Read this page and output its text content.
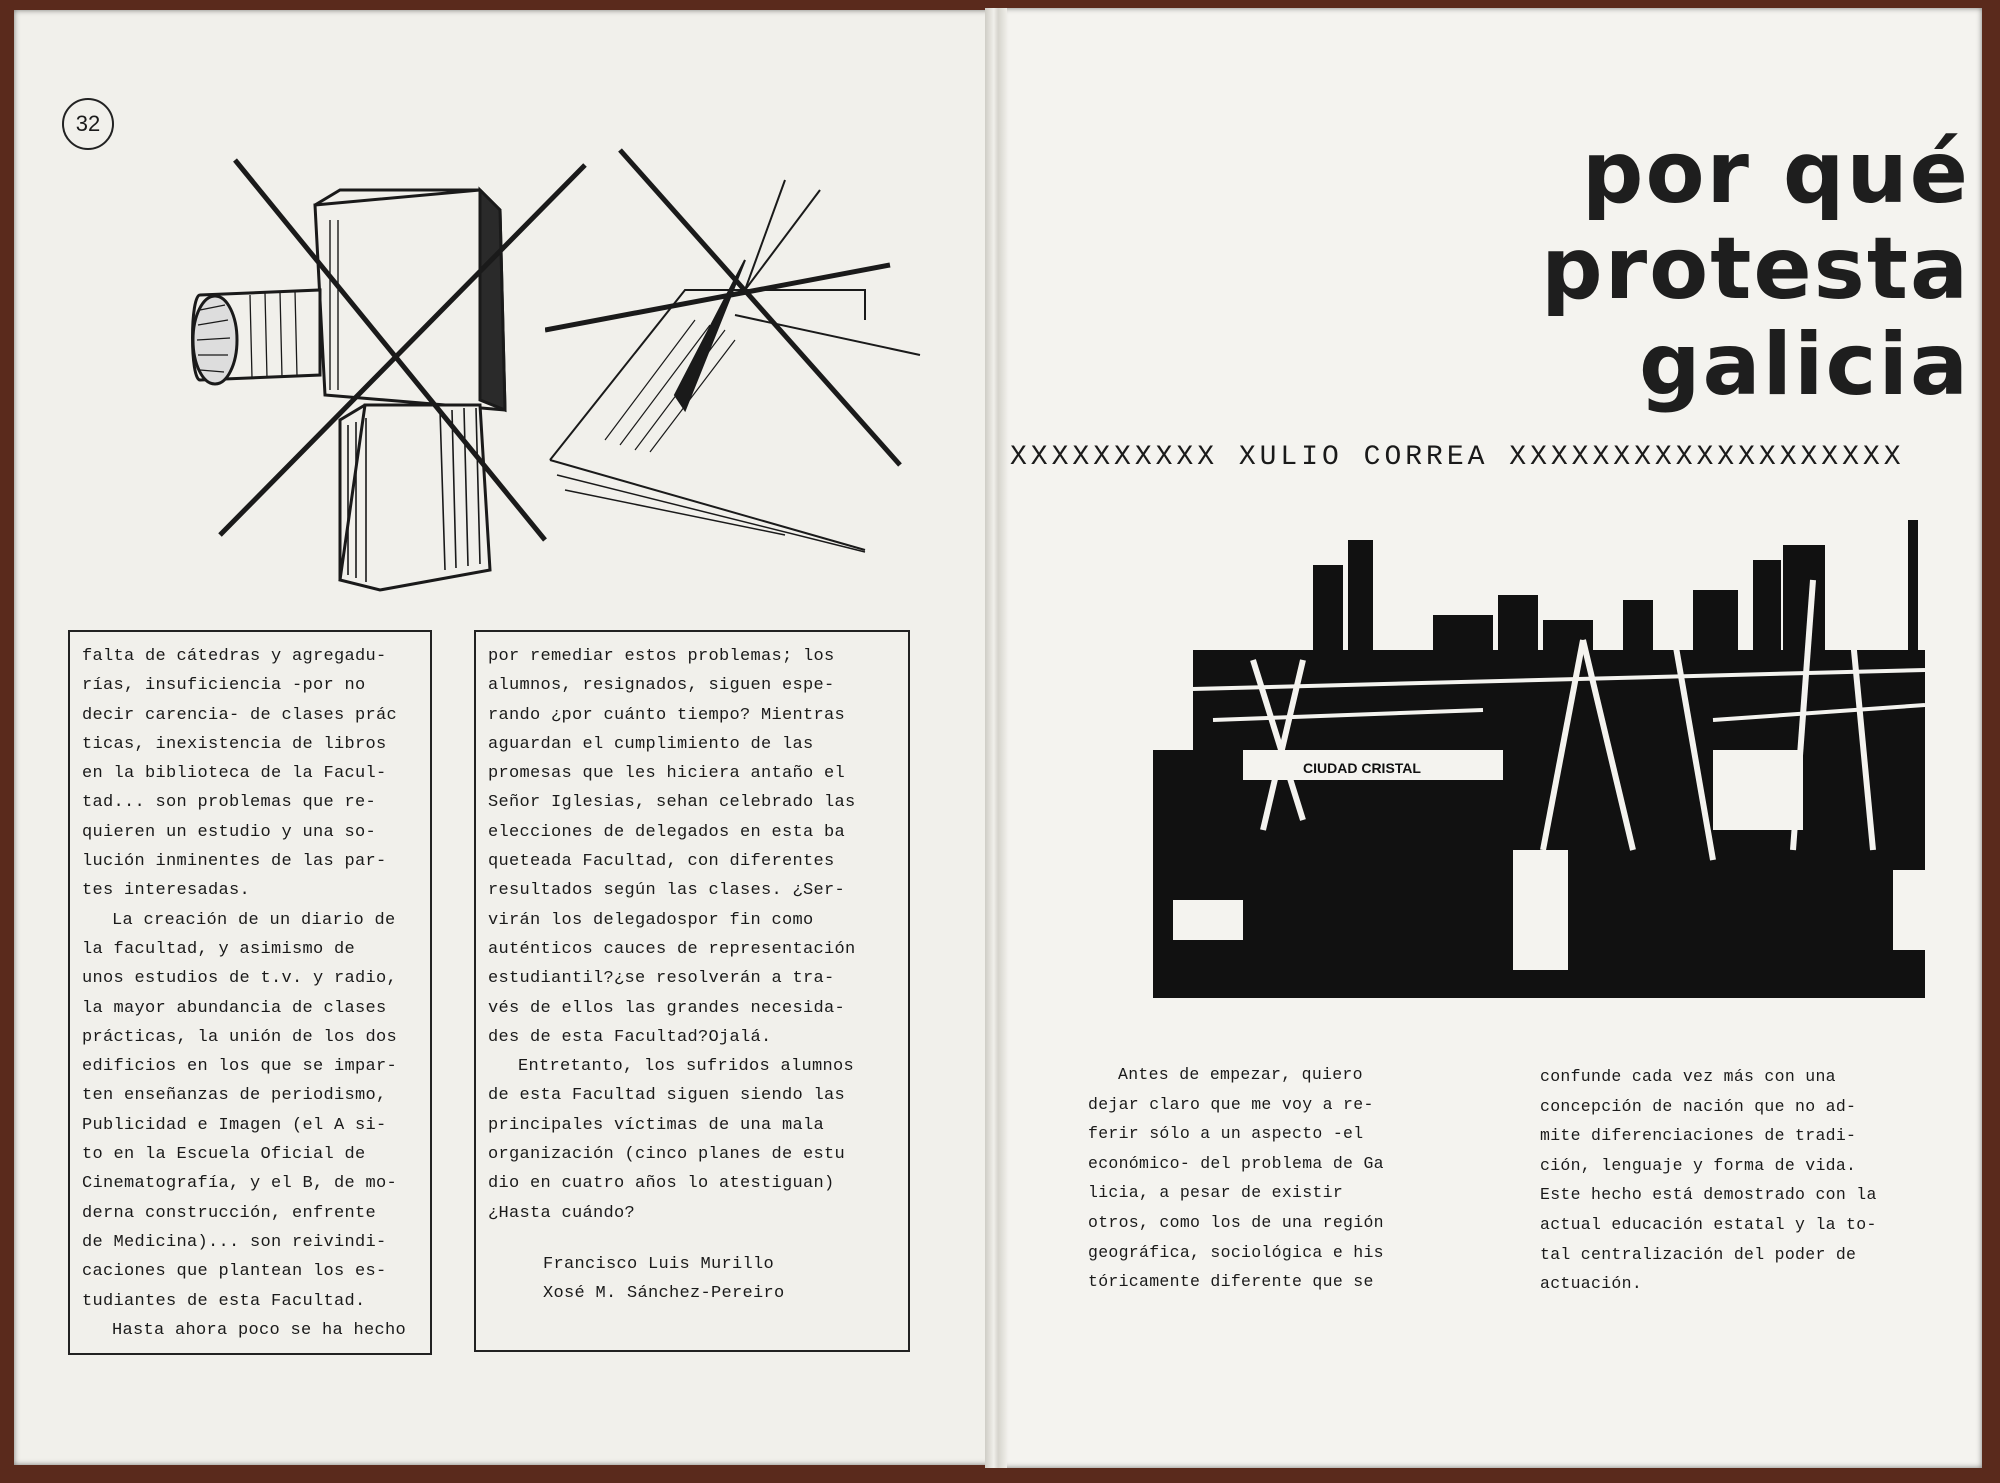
32

falta de cátedras y agregadu-
rías, insuficiencia -por no
decir carencia- de clases prác
ticas, inexistencia de libros
en la biblioteca de la Facul-
tad... son problemas que re-
quieren un estudio y una so-
lución inminentes de las par-
tes interesadas.

La creación de un diario de
la facultad, y asimismo de
unos estudios de t.v. y radio,
la mayor abundancia de clases
prácticas, la unión de los dos
edificios en los que se impar-
ten enseñanzas de periodismo,
Publicidad e Imagen (el A si-
to en la Escuela Oficial de
Cinematografía, y el B, de mo-
derna construcción, enfrente
de Medicina)... son reivindi-
caciones que plantean los es-
tudiantes de esta Facultad.

Hasta ahora poco se ha hecho

por remediar estos problemas; los
alumnos, resignados, siguen espe-
rando ¿por cuánto tiempo? Mientras
aguardan el cumplimiento de las
promesas que les hiciera antaño el
Señor Iglesias, sehan celebrado las
elecciones de delegados en esta ba
queteada Facultad, con diferentes
resultados según las clases. ¿Ser-
virán los delegadospor fin como
auténticos cauces de representación
estudiantil?¿se resolverán a tra-
vés de ellos las grandes necesida-
des de esta Facultad?Ojalá.

Entretanto, los sufridos alumnos
de esta Facultad siguen siendo las
principales víctimas de una mala
organización (cinco planes de estu
dio en cuatro años lo atestiguan)
¿Hasta cuándo?

Francisco Luis Murillo
Xosé M. Sánchez-Pereiro

por qué
protesta
galicia
XXXXXXXXXX XULIO CORREA XXXXXXXXXXXXXXXXXXX
CIUDAD CRISTAL

Antes de empezar, quiero
dejar claro que me voy a re-
ferir sólo a un aspecto -el
económico- del problema de Ga
licia, a pesar de existir
otros, como los de una región
geográfica, sociológica e his
tóricamente diferente que se

confunde cada vez más con una
concepción de nación que no ad-
mite diferenciaciones de tradi-
ción, lenguaje y forma de vida.
Este hecho está demostrado con la
actual educación estatal y la to-
tal centralización del poder de
actuación.
